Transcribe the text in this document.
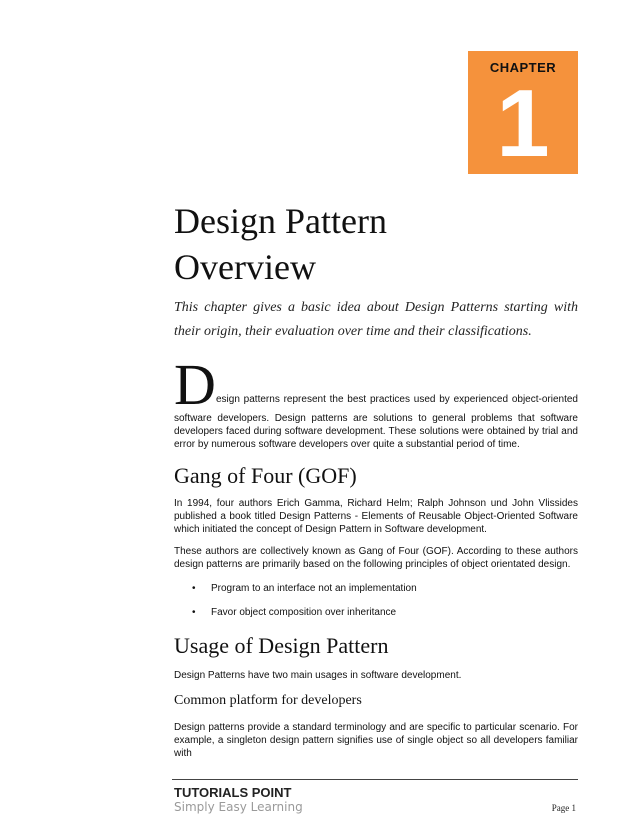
CHAPTER
1
Design Pattern
Overview

This chapter gives a basic idea about Design Patterns starting with their origin, their evaluation over time and their classifications.

D esign patterns represent the best practices used by experienced object-oriented

software developers. Design patterns are solutions to general problems that software developers faced during software development. These solutions were obtained by trial and error by numerous software developers over quite a substantial period of time.

Gang of Four (GOF)

In 1994, four authors Erich Gamma, Richard Helm; Ralph Johnson und John Vlissides published a book titled Design Patterns - Elements of Reusable Object-Oriented Software which initiated the concept of Design Pattern in Software development.

These authors are collectively known as Gang of Four (GOF). According to these authors design patterns are primarily based on the following principles of object orientated design.

• Program to an interface not an implementation
• Favor object composition over inheritance
Usage of Design Pattern

Design Patterns have two main usages in software development.

Common platform for developers

Design patterns provide a standard terminology and are specific to particular scenario. For example, a singleton design pattern signifies use of single object so all developers familiar with

TUTORIALS POINT
Simply Easy Learning	Page 1
